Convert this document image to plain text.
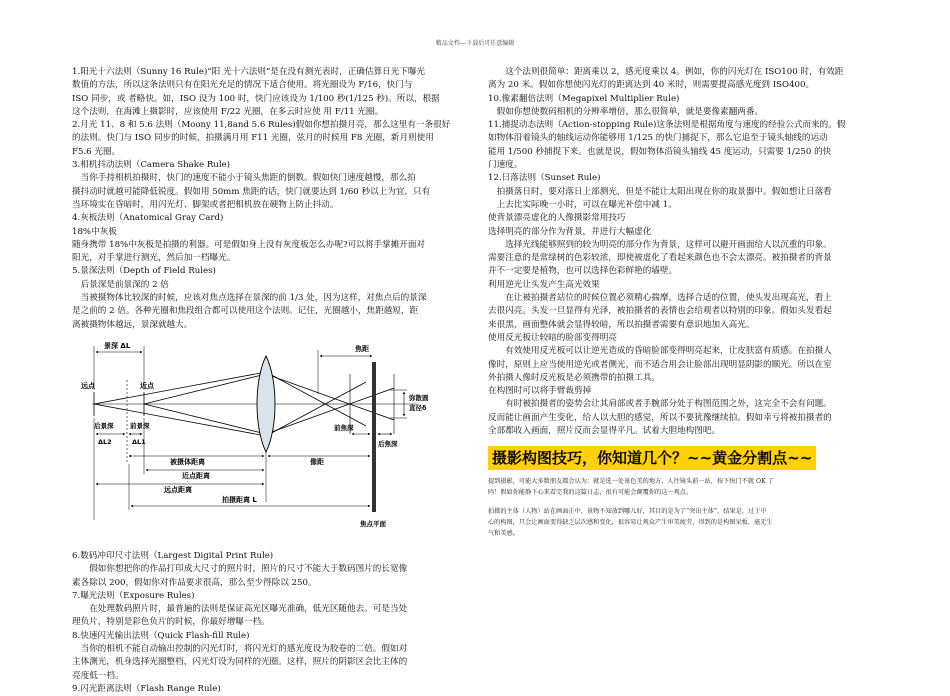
精品文档---下载后可任意编辑

1.阳光十六法则（Sunny 16 Rule)“阳 光十六法则”是在没有测光表时，正确估算日光下曝光

数值的方法，所以这条法则只有在阳光充足的情况下适合使用。将光圈设为 F/16，快门与

ISO 同步，或 者略快。如，ISO 设为 100 时，快门应该设为 1/100 秒(1/125 秒)。所以，根据

这个法则，在海滩上摄影时，应该使用 F/22 光圈，在多云时应使 用 F/11 光圈。

2.月光 11、8 和 5.6 法则（Moony 11,8and 5.6 Rules)假如你想拍摄月亮，那么这里有一条很好

的法则。快门与 ISO 同步的时候，拍摄满月用 F11 光圈，弦月的时候用 F8 光圈，新月则使用

F5.6 光圈。

3.相机抖动法则（Camera Shake Rule)

　当你手持相机拍摄时，快门的速度不能小于镜头焦距的倒数。假如快门速度越慢，那么拍

摄抖动时就越可能降低锐度。假如用 50mm 焦距的话，快门就要达到 1/60 秒以上为宜，只有

当环境实在昏暗时，用闪光灯、脚架或者把相机放在硬物上防止抖动。

4.灰板法则（Anatomical Gray Card)

18%中灰板

随身携带 18%中灰板是拍摄的利器。可是假如身上没有灰度板怎么办呢?可以将手掌摊开面对

阳光，对手掌进行测光，然后加一档曝光。

5.景深法则（Depth of Field Rules)

　后景深是前景深的 2 倍

　当被摄物体比较深的时候，应该对焦点选择在景深的前 1/3 处，因为这样，对焦点后的景深

是之前的 2 倍。各种光圈和焦段组合都可以使用这个法则。记住，光圈越小，焦距越短，距

离被摄物体越远，景深就越大。

景深 ΔL
远点	近点
焦距
后景深
ΔL2
前景深
ΔL1
前焦深
后焦深
弥散圆
直径δ
被摄体距离	像距
近点距离
远点距离
拍摄距离 L
焦点平面

6.数码冲印尺寸法则（Largest Digital Print Rule)

　　假如你想把你的作品打印成大尺寸的照片时，照片的尺寸不能大于数码图片的长宽像

素各除以 200，假如你对作品要求很高，那么至少得除以 250。

7.曝光法则（Exposure Rules)

　　在处理数码照片时，最普遍的法则是保证高光区曝光准确，低光区随他去。可是当处

理负片，特别是彩色负片的时候，你最好增曝一档。

8.快速闪光输出法则（Quick Flash-fill Rule)

　当你的相机不能自动输出控制的闪光灯时，将闪光灯的感光度设为胶卷的二倍。假如对

主体测光，机身选择光圈整档，闪光灯设为同样的光圈。这样，照片的阴影区会比主体的

亮度低一档。

9.闪光距离法则（Flash Range Rule)

　　这个法则很简单：距离乘以 2，感光度乘以 4。例如，你的闪光灯在 ISO100 时，有效距

离为 20 米。假如你想使闪光灯的距离达到 40 米时，则需要提高感光度到 ISO400。

10.像素翻倍法则（Megapixel Multiplier Rule)

　假如你想使数码相机的分辨率增倍，那么很简单，就是要像素翻两番。

11.捕捉动态法则（Action-stopping Rule)这条法则是根据角度与速度的经验公式而来的。假

如物体沿着镜头的轴线运动你能够用 1/125 的快门捕捉下，那么它追至于镜头轴线的运动

能用 1/500 秒捕捉下来。也就是说，假如物体沿镜头轴线 45 度运动，只需要 1/250 的快

门速度。

12.日落法则（Sunset Rule)

　拍摄落日时，要对落日上部测光，但是不能让太阳出现在你的取景器中。假如想让日落看

　上去比实际晚一小时，可以在曝光补偿中减 1。

使背景漂亮虚化的人像摄影常用技巧

选择明亮的部分作为背景，并进行大幅虚化

　　选择光线能够照到的较为明亮的部分作为背景，这样可以避开画面给人以沉重的印象。

需要注意的是常绿树的色彩较浓，即使被虚化了看起来颜色也不会太漂亮。被拍摄者的背景

并不一定要是植物，也可以选择色彩鲜艳的墙壁。

利用逆光让头发产生高光效果

　　在让被拍摄者站位的时候位置必须精心揣摩，选择合适的位置，使头发出现高光，看上

去很闪亮。头发一旦显得有光泽，被拍摄者的表情也会给观者以特别的印象。假如头发看起

来很黑，画面整体就会显得较暗，所以拍摄者需要有意识地加入高光。

使用反光板让较暗的脸部变得明亮

　　有效使用反光板可以让逆光造成的昏暗脸部变得明亮起来，让皮肤富有质感。在拍摄人

像时，原则上应当使用逆光或者侧光，而不适合用会让脸部出现明显阴影的顺光。所以在室

外拍摄人像时反光板是必须携带的拍摄工具。

在构图时可以将手臂裁剪掉

　　有时被拍摄者的姿势会让其肩部或者手腕部分处于构图范围之外，这完全不会有问题。

反而能让画面产生变化，给人以大胆的感觉，所以不要犹豫继续拍。假如幸亏将被拍摄者的

全部都收入画面，照片反而会显得平凡。试着大胆地构图吧。

摄影构图技巧，你知道几个？~~黄金分割点~~

提到摄影，可能大多数朋友都会认为：就是选一处景色美的地方，人往镜头前一站，按下快门不就 OK 了

吗！假如你能静下心来看完我的这篇日志，很有可能会颠覆你的这一观点。

拍摄的主体（人物）站在画面正中，景物不知放到哪儿好，其目的是为了“突出主体”。结果是，过于中

心的构图，只会让画面变得缺乏层次感和变化，很容易让观众产生审美疲劳，得到的是构图呆板、毫无生

气和美感。
